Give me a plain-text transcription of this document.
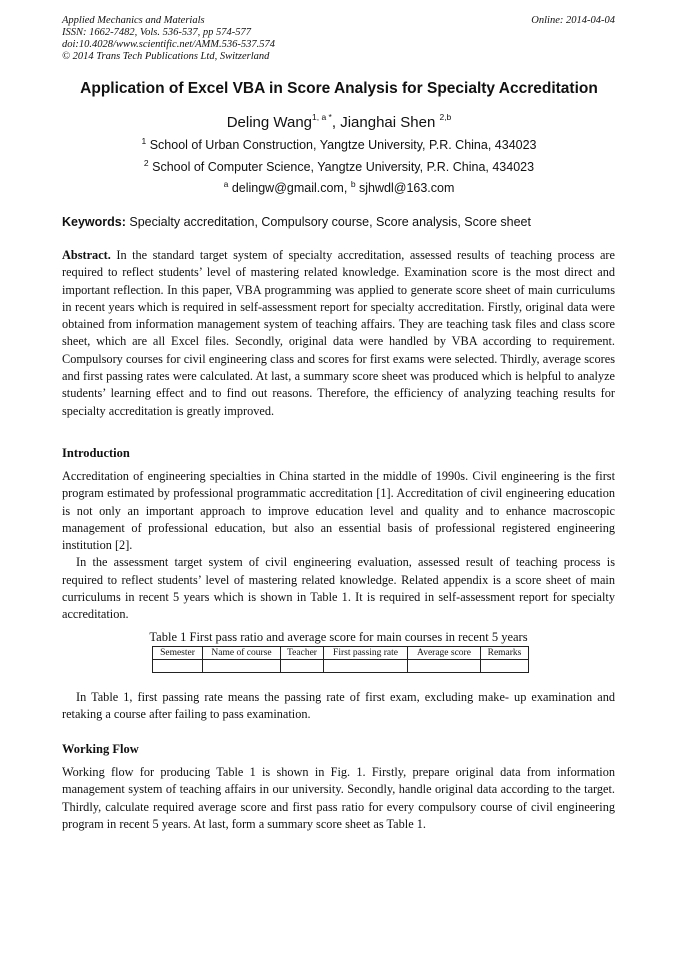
Applied Mechanics and Materials
ISSN: 1662-7482, Vols. 536-537, pp 574-577
doi:10.4028/www.scientific.net/AMM.536-537.574
© 2014 Trans Tech Publications Ltd, Switzerland
Online: 2014-04-04
Application of Excel VBA in Score Analysis for Specialty Accreditation
Deling Wang$^{1, a *}$, Jianghai Shen $^{2,b}$
$^1$ School of Urban Construction, Yangtze University, P.R. China, 434023
$^2$ School of Computer Science, Yangtze University, P.R. China, 434023
$^a$ delingw@gmail.com, $^b$ sjhwdl@163.com
Keywords: Specialty accreditation, Compulsory course, Score analysis, Score sheet
Abstract. In the standard target system of specialty accreditation, assessed results of teaching process are required to reflect students’ level of mastering related knowledge. Examination score is the most direct and important reflection. In this paper, VBA programming was applied to generate score sheet of main curriculums in recent years which is required in self-assessment report for specialty accreditation. Firstly, original data were obtained from information management system of teaching affairs. They are teaching task files and class score sheet, which are all Excel files. Secondly, original data were handled by VBA according to requirement. Compulsory courses for civil engineering class and scores for first exams were selected. Thirdly, average scores and first passing rates were calculated. At last, a summary score sheet was produced which is helpful to analyze students’ learning effect and to find out reasons. Therefore, the efficiency of analyzing teaching results for specialty accreditation is greatly improved.
Introduction
Accreditation of engineering specialties in China started in the middle of 1990s. Civil engineering is the first program estimated by professional programmatic accreditation [1]. Accreditation of civil engineering education is not only an important approach to improve education level and quality and to enhance macroscopic management of professional education, but also an essential basis of professional registered engineering institution [2].
In the assessment target system of civil engineering evaluation, assessed result of teaching process is required to reflect students’ level of mastering related knowledge. Related appendix is a score sheet of main curriculums in recent 5 years which is shown in Table 1. It is required in self-assessment report for specialty accreditation.
Table 1 First pass ratio and average score for main courses in recent 5 years
Semester	Name of course	Teacher	First passing rate	Average score	Remarks

In Table 1, first passing rate means the passing rate of first exam, excluding make- up examination and retaking a course after failing to pass examination.
Working Flow
Working flow for producing Table 1 is shown in Fig. 1. Firstly, prepare original data from information management system of teaching affairs in our university. Secondly, handle original data according to the target. Thirdly, calculate required average score and first pass ratio for every compulsory course of civil engineering program in recent 5 years. At last, form a summary score sheet as Table 1.
